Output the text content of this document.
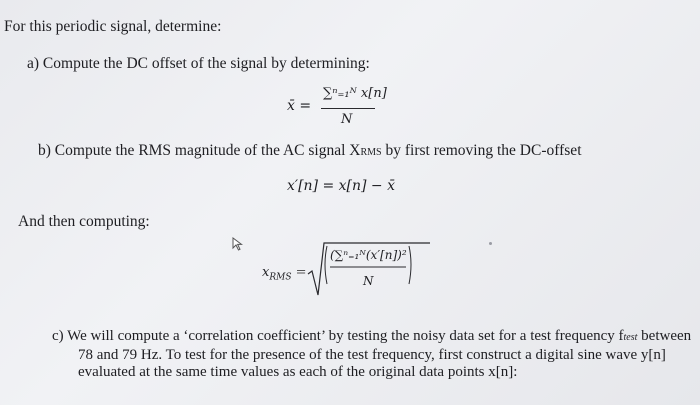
For this periodic signal, determine:
a) Compute the DC offset of the signal by determining:
x̄ =
∑ⁿ₌₁ᴺ x[n]
N
b) Compute the RMS magnitude of the AC signal XRMS by first removing the DC-offset
x′[n] = x[n] − x̄
And then computing:
$x_{RMS}$ =
(∑ⁿ₌₁ᴺ(x′[n])²
N
c) We will compute a ‘correlation coefficient’ by testing the noisy data set for a test frequency ftest between
78 and 79 Hz. To test for the presence of the test frequency, first construct a digital sine wave y[n]
evaluated at the same time values as each of the original data points x[n]:
